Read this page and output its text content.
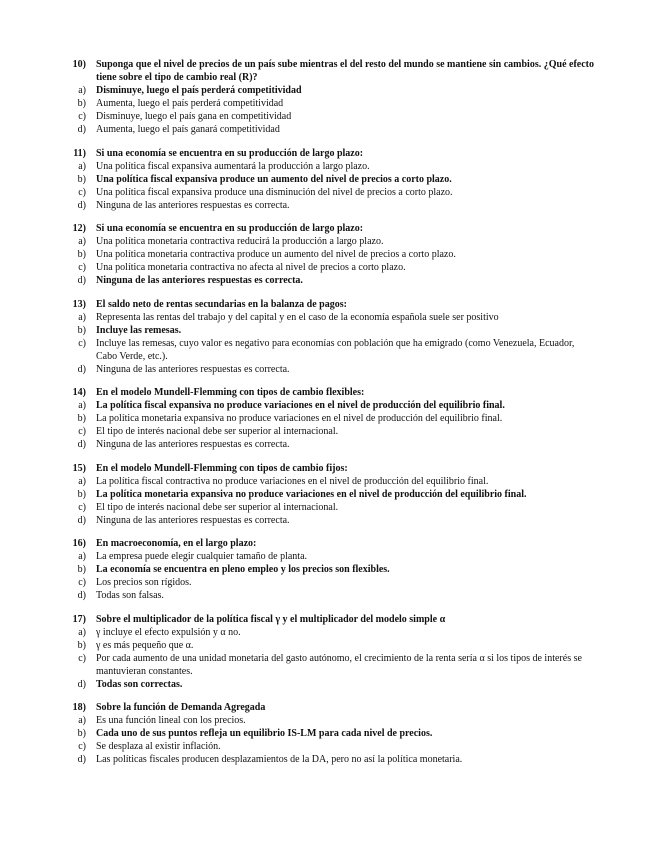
10) Suponga que el nivel de precios de un país sube mientras el del resto del mundo se mantiene sin cambios. ¿Qué efecto tiene sobre el tipo de cambio real (R)?
a) Disminuye, luego el país perderá competitividad
b) Aumenta, luego el país perderá competitividad
c) Disminuye, luego el país gana en competitividad
d) Aumenta, luego el país ganará competitividad
11) Si una economía se encuentra en su producción de largo plazo:
a) Una política fiscal expansiva aumentará la producción a largo plazo.
b) Una política fiscal expansiva produce un aumento del nivel de precios a corto plazo.
c) Una política fiscal expansiva produce una disminución del nivel de precios a corto plazo.
d) Ninguna de las anteriores respuestas es correcta.
12) Si una economía se encuentra en su producción de largo plazo:
a) Una política monetaria contractiva reducirá la producción a largo plazo.
b) Una política monetaria contractiva produce un aumento del nivel de precios a corto plazo.
c) Una política monetaria contractiva no afecta al nivel de precios a corto plazo.
d) Ninguna de las anteriores respuestas es correcta.
13) El saldo neto de rentas secundarias en la balanza de pagos:
a) Representa las rentas del trabajo y del capital y en el caso de la economía española suele ser positivo
b) Incluye las remesas.
c) Incluye las remesas, cuyo valor es negativo para economías con población que ha emigrado (como Venezuela, Ecuador, Cabo Verde, etc.).
d) Ninguna de las anteriores respuestas es correcta.
14) En el modelo Mundell-Flemming con tipos de cambio flexibles:
a) La política fiscal expansiva no produce variaciones en el nivel de producción del equilibrio final.
b) La política monetaria expansiva no produce variaciones en el nivel de producción del equilibrio final.
c) El tipo de interés nacional debe ser superior al internacional.
d) Ninguna de las anteriores respuestas es correcta.
15) En el modelo Mundell-Flemming con tipos de cambio fijos:
a) La política fiscal contractiva no produce variaciones en el nivel de producción del equilibrio final.
b) La política monetaria expansiva no produce variaciones en el nivel de producción del equilibrio final.
c) El tipo de interés nacional debe ser superior al internacional.
d) Ninguna de las anteriores respuestas es correcta.
16) En macroeconomía, en el largo plazo:
a) La empresa puede elegir cualquier tamaño de planta.
b) La economía se encuentra en pleno empleo y los precios son flexibles.
c) Los precios son rígidos.
d) Todas son falsas.
17) Sobre el multiplicador de la política fiscal γ y el multiplicador del modelo simple α
a) γ incluye el efecto expulsión y α no.
b) γ es más pequeño que α.
c) Por cada aumento de una unidad monetaria del gasto autónomo, el crecimiento de la renta sería α si los tipos de interés se mantuvieran constantes.
d) Todas son correctas.
18) Sobre la función de Demanda Agregada
a) Es una función lineal con los precios.
b) Cada uno de sus puntos refleja un equilibrio IS-LM para cada nivel de precios.
c) Se desplaza al existir inflación.
d) Las políticas fiscales producen desplazamientos de la DA, pero no así la política monetaria.
